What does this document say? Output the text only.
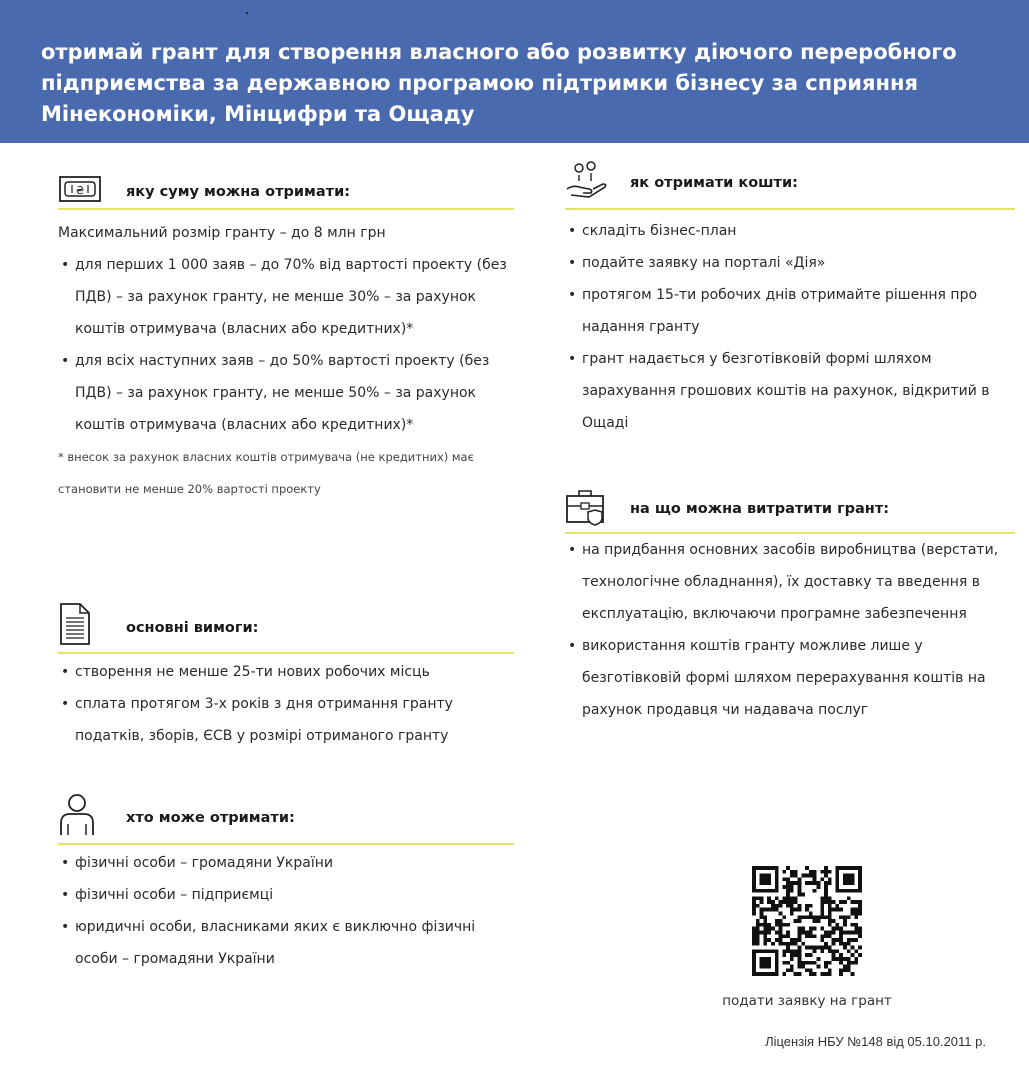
отримай грант для створення власного або розвитку діючого переробного підприємства за державною програмою підтримки бізнесу за сприяння Мінекономіки, Мінцифри та Ощаду
₴	яку суму можна отримати:

Максимальний розмір гранту – до 8 млн грн

• для перших 1 000 заяв – до 70% від вартості проекту (без ПДВ) – за рахунок гранту, не менше 30% – за рахунок коштів отримувача (власних або кредитних)*

• для всіх наступних заяв – до 50% вартості проекту (без ПДВ) – за рахунок гранту, не менше 50% – за рахунок коштів отримувача (власних або кредитних)*

* внесок за рахунок власних коштів отримувача (не кредитних) має становити не менше 20% вартості проекту

основні вимоги:

• створення не менше 25-ти нових робочих місць

• сплата протягом 3-х років з дня отримання гранту податків, зборів, ЄСВ у розмірі отриманого гранту

хто може отримати:

• фізичні особи – громадяни України

• фізичні особи – підприємці

• юридичні особи, власниками яких є виключно фізичні особи – громадяни України

як отримати кошти:

• складіть бізнес-план

• подайте заявку на порталі «Дія»

• протягом 15-ти робочих днів отримайте рішення про надання гранту

• грант надається у безготівковій формі шляхом зарахування грошових коштів на рахунок, відкритий в Ощаді

на що можна витратити грант:

• на придбання основних засобів виробництва (верстати, технологічне обладнання), їх доставку та введення в експлуатацію, включаючи програмне забезпечення

• використання коштів гранту можливе лише у безготівковій формі шляхом перерахування коштів на рахунок продавця чи надавача послуг

подати заявку на грант
Ліцензія НБУ №148 від 05.10.2011 р.
